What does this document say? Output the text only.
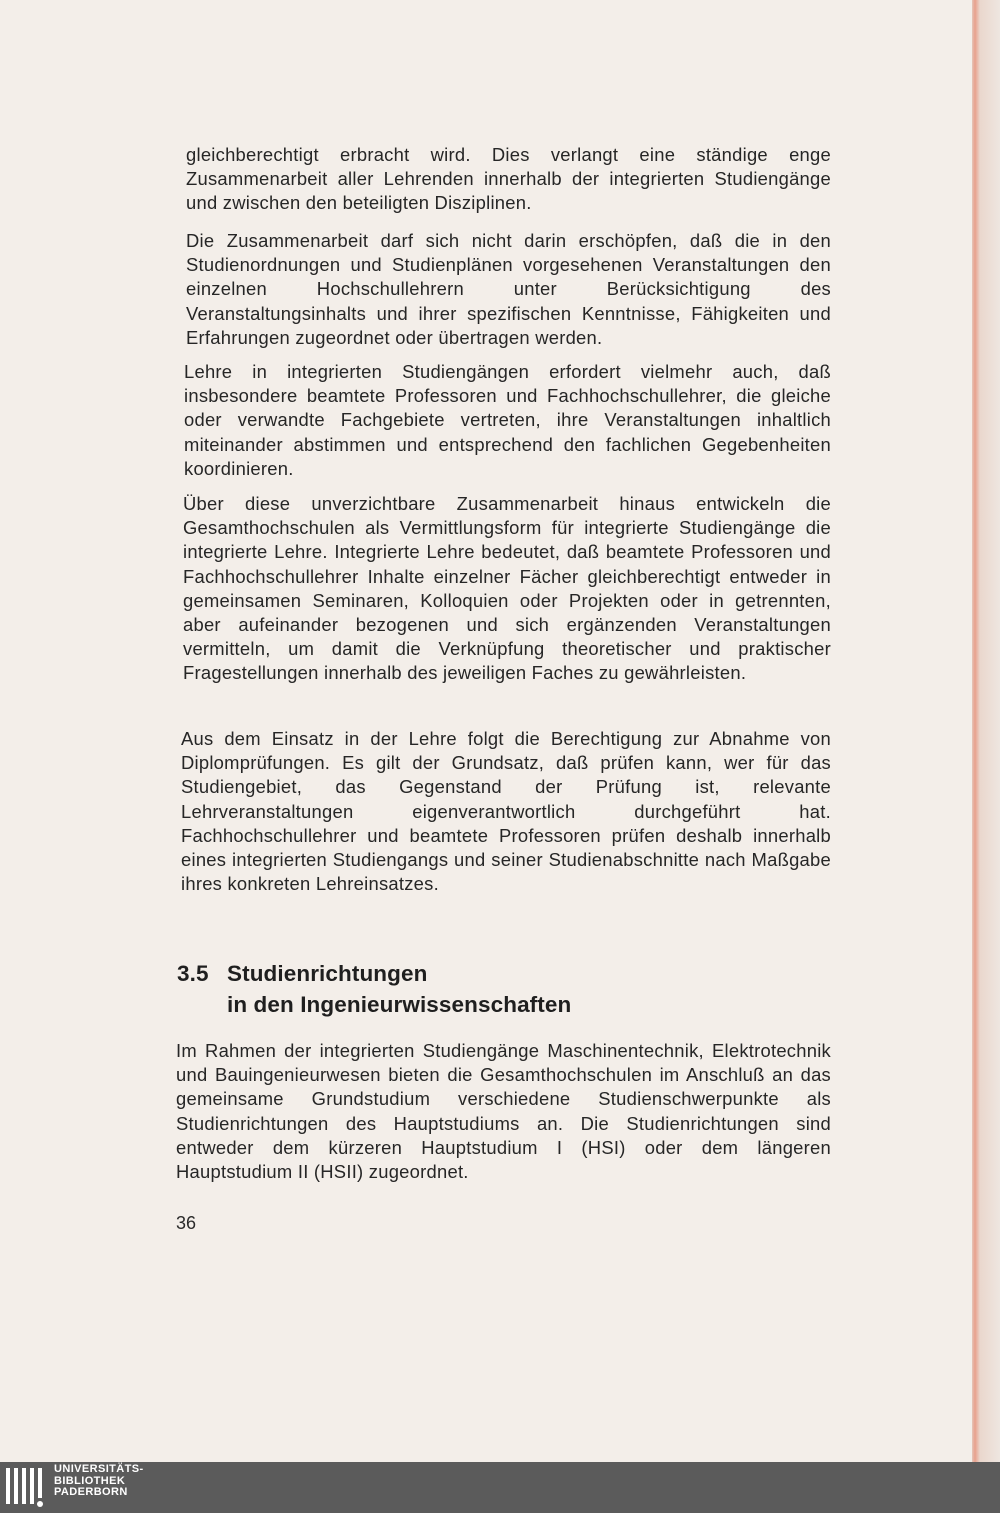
gleichberechtigt erbracht wird. Dies verlangt eine ständige enge Zusammenarbeit aller Lehrenden innerhalb der integrierten Studiengänge und zwischen den beteiligten Disziplinen.

Die Zusammenarbeit darf sich nicht darin erschöpfen, daß die in den Studienordnungen und Studienplänen vorgesehenen Veranstaltungen den einzelnen Hochschullehrern unter Berücksichtigung des Veranstaltungsinhalts und ihrer spezifischen Kenntnisse, Fähigkeiten und Erfahrungen zugeordnet oder übertragen werden.

Lehre in integrierten Studiengängen erfordert vielmehr auch, daß insbesondere beamtete Professoren und Fachhochschullehrer, die gleiche oder verwandte Fachgebiete vertreten, ihre Veranstaltungen inhaltlich miteinander abstimmen und entsprechend den fachlichen Gegebenheiten koordinieren.

Über diese unverzichtbare Zusammenarbeit hinaus entwickeln die Gesamthochschulen als Vermittlungsform für integrierte Studiengänge die integrierte Lehre. Integrierte Lehre bedeutet, daß beamtete Professoren und Fachhochschullehrer Inhalte einzelner Fächer gleichberechtigt entweder in gemeinsamen Seminaren, Kolloquien oder Projekten oder in getrennten, aber aufeinander bezogenen und sich ergänzenden Veranstaltungen vermitteln, um damit die Verknüpfung theoretischer und praktischer Fragestellungen innerhalb des jeweiligen Faches zu gewährleisten.

Aus dem Einsatz in der Lehre folgt die Berechtigung zur Abnahme von Diplomprüfungen. Es gilt der Grundsatz, daß prüfen kann, wer für das Studiengebiet, das Gegenstand der Prüfung ist, relevante Lehrveranstaltungen eigenverantwortlich durchgeführt hat. Fachhochschullehrer und beamtete Professoren prüfen deshalb innerhalb eines integrierten Studiengangs und seiner Studienabschnitte nach Maßgabe ihres konkreten Lehreinsatzes.

3.5 Studienrichtungen
in den Ingenieurwissenschaften

Im Rahmen der integrierten Studiengänge Maschinentechnik, Elektrotechnik und Bauingenieurwesen bieten die Gesamthochschulen im Anschluß an das gemeinsame Grundstudium verschiedene Studienschwerpunkte als Studienrichtungen des Hauptstudiums an. Die Studienrichtungen sind entweder dem kürzeren Hauptstudium I (HSI) oder dem längeren Hauptstudium II (HSII) zugeordnet.

36

UNIVERSITÄTS-
BIBLIOTHEK
PADERBORN
